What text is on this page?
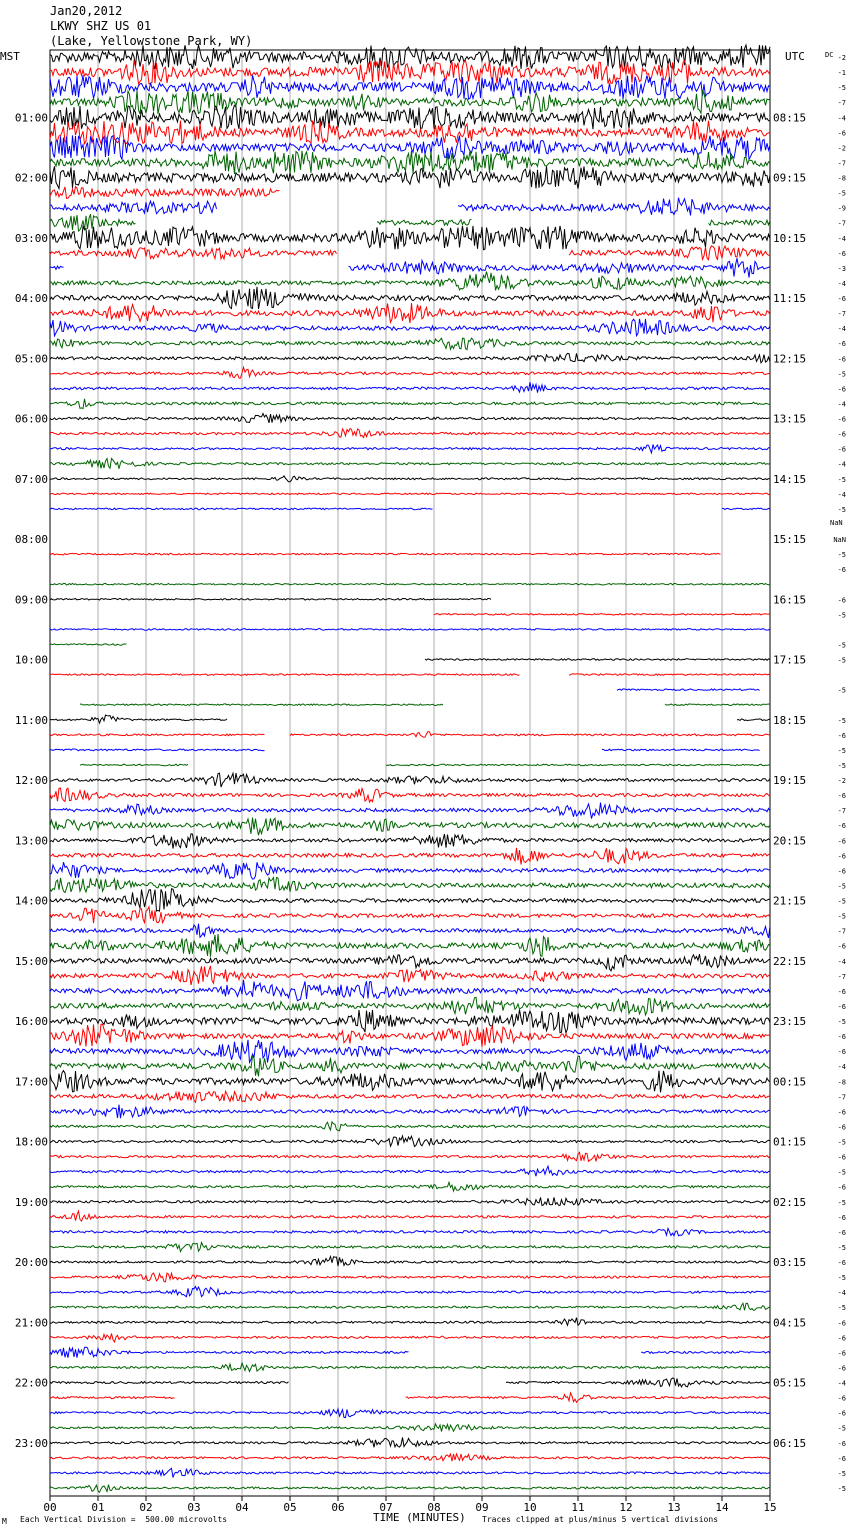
Jan20,2012
LKWY SHZ US 01
(Lake, Yellowstone Park, WY)
MST	UTC	-2
-1
-5
-7
-4
-6
-2
-7
-8
-5
-9
-7
-4
-6
-3
-4
-6
-7
-4
-6
-6
-5
-6
-4
-6
-6
-6
-4
-5
-4
-5
NaN
-5
-6
-6
-5
-5
-5
-5
-5
-6
-5
-5
-2
-6
-7
-6
-6
-6
-6
-5
-5
-5
-7
-6
-4
-7
-6
-6
-5
-6
-6
-4
-8
-7
-6
-6
-5
-6
-5
-6
-5
-6
-6
-5
-6
-5
-4
-5
-6
-6
-6
-6
-4
-6
-6
-5
-6
-6
-5
-5
DC
NaN
01:00
02:00
03:00
04:00
05:00
06:00
07:00
08:00
09:00
10:00
11:00
12:00
13:00
14:00
15:00
16:00
17:00
18:00
19:00
20:00
21:00
22:00
23:00
08:15
09:15
10:15
11:15
12:15
13:15
14:15
15:15
16:15
17:15
18:15
19:15
20:15
21:15
22:15
23:15
00:15
01:15
02:15
03:15
04:15
05:15
06:15
00	01	02	03	04	05	06	07	08	09	10	11	12	13	14	15
M Each Vertical Division =  500.00 microvolts	TIME (MINUTES) Traces clipped at plus/minus 5 vertical divisions
